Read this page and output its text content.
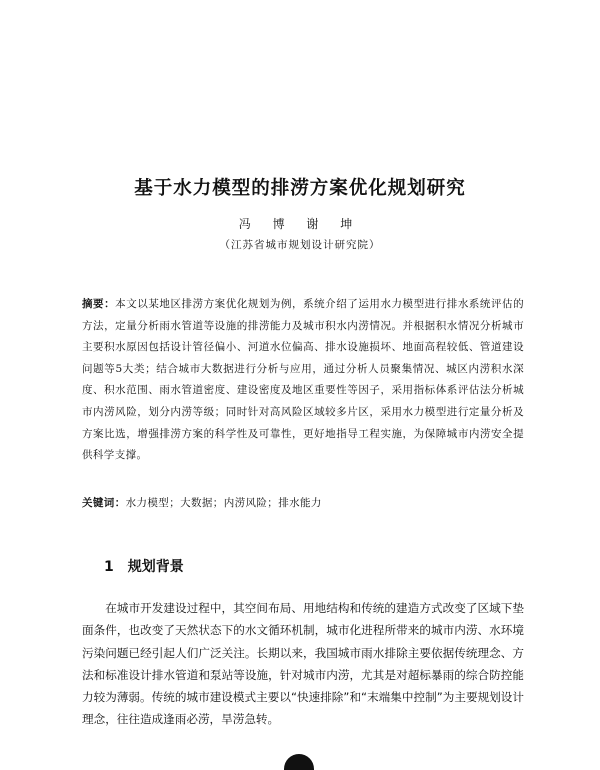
基于水力模型的排涝方案优化规划研究
冯 博 谢 坤
（江苏省城市规划设计研究院）
摘要：本文以某地区排涝方案优化规划为例，系统介绍了运用水力模型进行排水系统评估的方法，定量分析雨水管道等设施的排涝能力及城市积水内涝情况。并根据积水情况分析城市主要积水原因包括设计管径偏小、河道水位偏高、排水设施损坏、地面高程较低、管道建设问题等5大类；结合城市大数据进行分析与应用，通过分析人员聚集情况、城区内涝积水深度、积水范围、雨水管道密度、建设密度及地区重要性等因子，采用指标体系评估法分析城市内涝风险，划分内涝等级；同时针对高风险区域较多片区，采用水力模型进行定量分析及方案比选，增强排涝方案的科学性及可靠性，更好地指导工程实施，为保障城市内涝安全提供科学支撑。
关键词：水力模型；大数据；内涝风险；排水能力
1 规划背景
在城市开发建设过程中，其空间布局、用地结构和传统的建造方式改变了区域下垫面条件，也改变了天然状态下的水文循环机制，城市化进程所带来的城市内涝、水环境污染问题已经引起人们广泛关注。长期以来，我国城市雨水排除主要依据传统理念、方法和标准设计排水管道和泵站等设施，针对城市内涝，尤其是对超标暴雨的综合防控能力较为薄弱。传统的城市建设模式主要以“快速排除”和“末端集中控制”为主要规划设计理念，往往造成逢雨必涝，旱涝急转。
